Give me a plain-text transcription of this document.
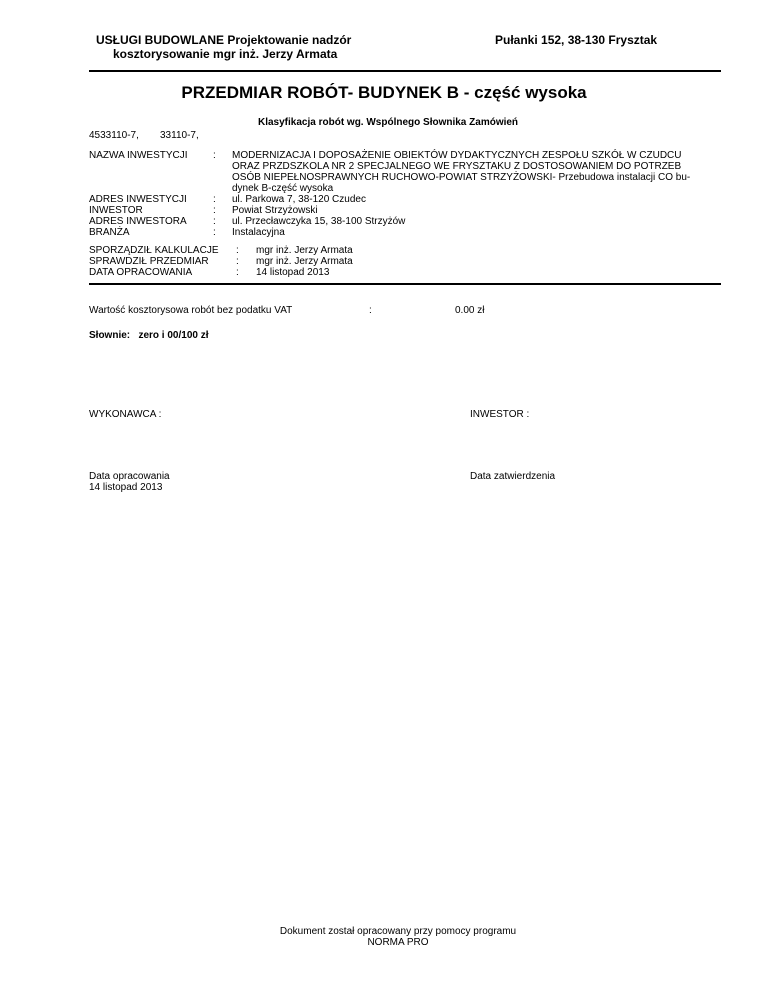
USŁUGI BUDOWLANE Projektowanie nadzór
kosztorysowanie mgr inż. Jerzy Armata
Pułanki 152, 38-130 Frysztak
PRZEDMIAR ROBÓT- BUDYNEK B - część wysoka
Klasyfikacja robót wg. Wspólnego Słownika Zamówień
4533110-7, 33110-7,
NAZWA INWESTYCJI	: MODERNIZACJA I DOPOSAŻENIE OBIEKTÓW DYDAKTYCZNYCH ZESPOŁU SZKÓŁ W CZUDCU
ORAZ PRZDSZKOLA NR 2 SPECJALNEGO WE FRYSZTAKU Z DOSTOSOWANIEM DO POTRZEB
OSÓB NIEPEŁNOSPRAWNYCH RUCHOWO-POWIAT STRZYŻOWSKI- Przebudowa instalacji CO bu-
dynek B-część wysoka
ADRES INWESTYCJI	: ul. Parkowa 7, 38-120 Czudec
INWESTOR	: Powiat Strzyżowski
ADRES INWESTORA	: ul. Przecławczyka 15, 38-100 Strzyżów
BRANŻA	: Instalacyjna
SPORZĄDZIŁ KALKULACJE : mgr inż. Jerzy Armata
SPRAWDZIŁ PRZEDMIAR	: mgr inż. Jerzy Armata
DATA OPRACOWANIA	: 14 listopad 2013
Wartość kosztorysowa robót bez podatku VAT	:	0.00 zł
Słownie: zero i 00/100 zł
WYKONAWCA :	INWESTOR :
Data opracowania
14 listopad 2013
Data zatwierdzenia
Dokument został opracowany przy pomocy programu
NORMA PRO
